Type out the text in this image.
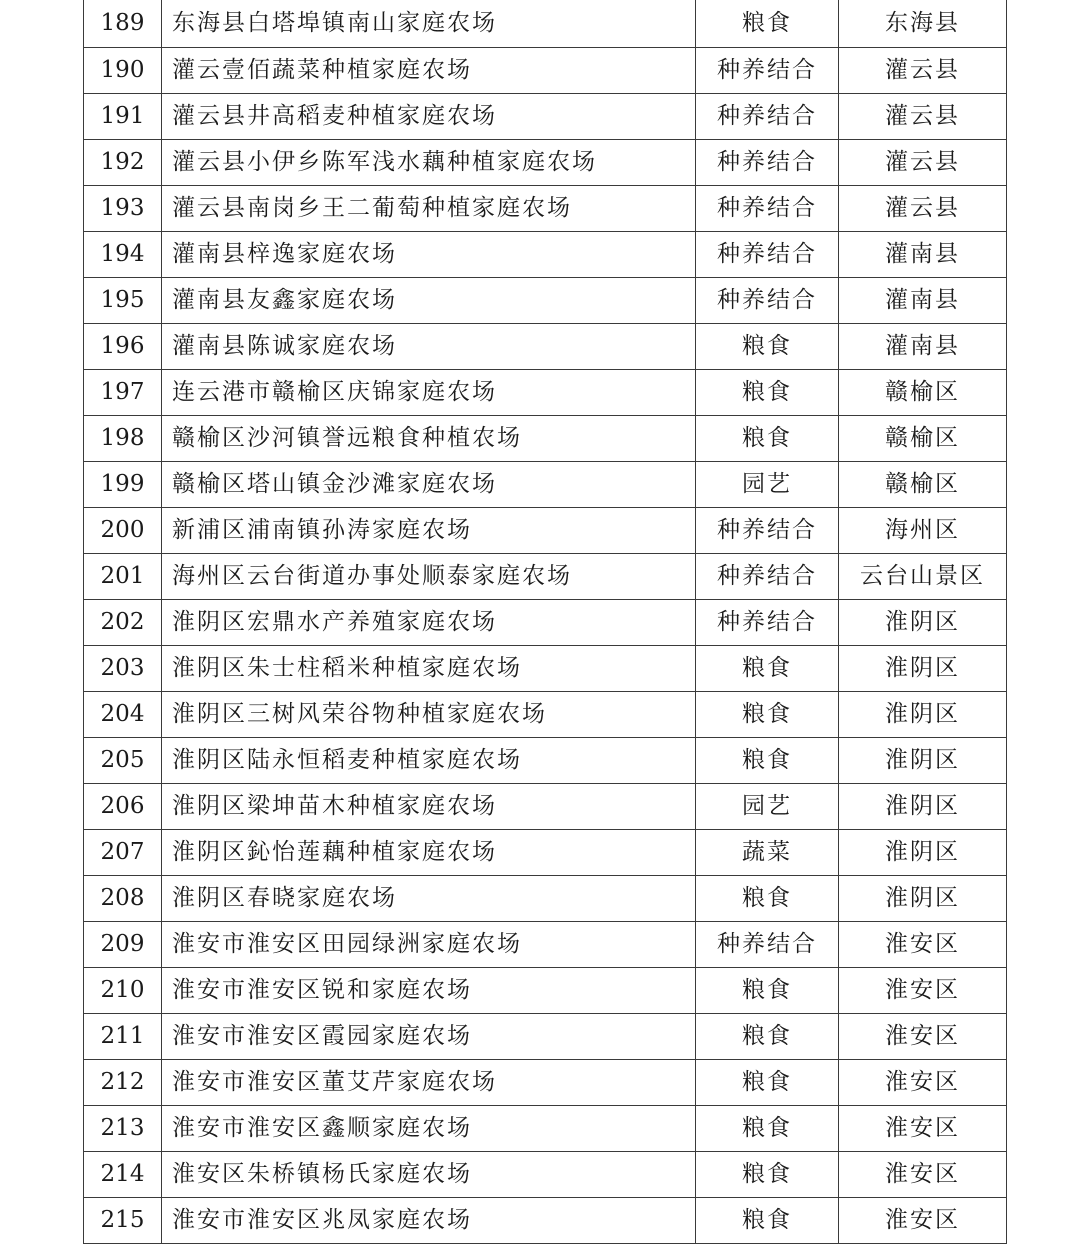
189	东海县白塔埠镇南山家庭农场	粮食	东海县
190	灌云壹佰蔬菜种植家庭农场	种养结合	灌云县
191	灌云县井高稻麦种植家庭农场	种养结合	灌云县
192	灌云县小伊乡陈军浅水藕种植家庭农场	种养结合	灌云县
193	灌云县南岗乡王二葡萄种植家庭农场	种养结合	灌云县
194	灌南县梓逸家庭农场	种养结合	灌南县
195	灌南县友鑫家庭农场	种养结合	灌南县
196	灌南县陈诚家庭农场	粮食	灌南县
197	连云港市赣榆区庆锦家庭农场	粮食	赣榆区
198	赣榆区沙河镇誉远粮食种植农场	粮食	赣榆区
199	赣榆区塔山镇金沙滩家庭农场	园艺	赣榆区
200	新浦区浦南镇孙涛家庭农场	种养结合	海州区
201	海州区云台街道办事处顺泰家庭农场	种养结合	云台山景区
202	淮阴区宏鼎水产养殖家庭农场	种养结合	淮阴区
203	淮阴区朱士柱稻米种植家庭农场	粮食	淮阴区
204	淮阴区三树风荣谷物种植家庭农场	粮食	淮阴区
205	淮阴区陆永恒稻麦种植家庭农场	粮食	淮阴区
206	淮阴区梁坤苗木种植家庭农场	园艺	淮阴区
207	淮阴区鈊怡莲藕种植家庭农场	蔬菜	淮阴区
208	淮阴区春晓家庭农场	粮食	淮阴区
209	淮安市淮安区田园绿洲家庭农场	种养结合	淮安区
210	淮安市淮安区锐和家庭农场	粮食	淮安区
211	淮安市淮安区霞园家庭农场	粮食	淮安区
212	淮安市淮安区董艾芹家庭农场	粮食	淮安区
213	淮安市淮安区鑫顺家庭农场	粮食	淮安区
214	淮安区朱桥镇杨氏家庭农场	粮食	淮安区
215	淮安市淮安区兆凤家庭农场	粮食	淮安区
